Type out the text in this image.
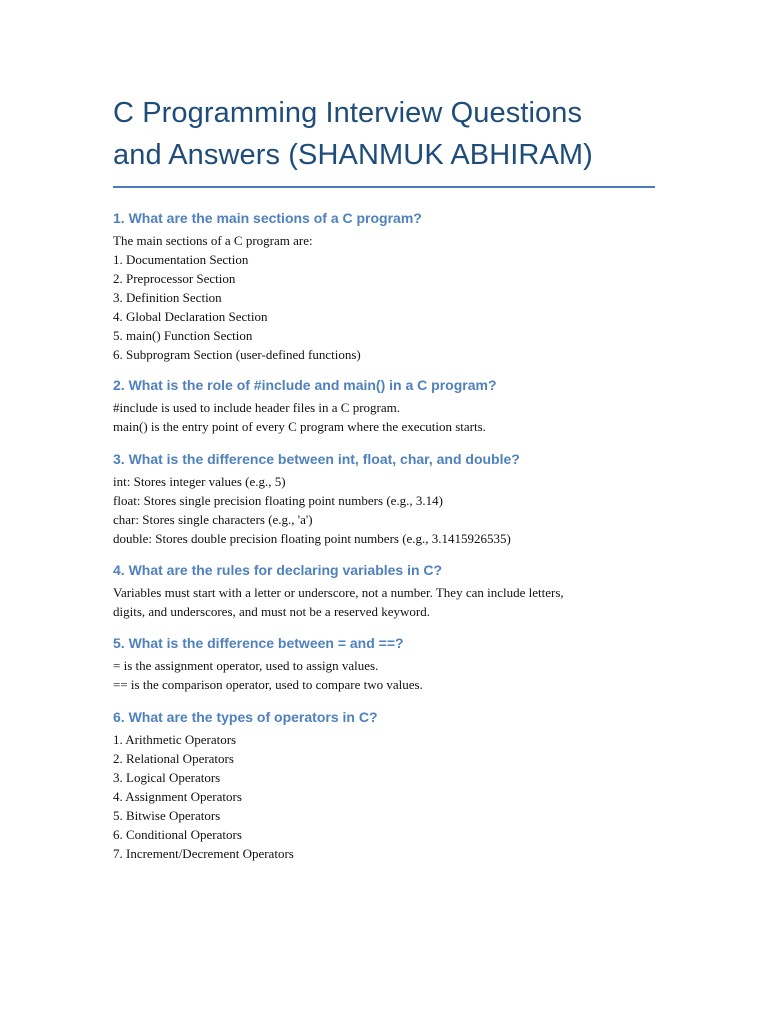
C Programming Interview Questions
and Answers (SHANMUK ABHIRAM)
1. What are the main sections of a C program?
The main sections of a C program are:
1. Documentation Section
2. Preprocessor Section
3. Definition Section
4. Global Declaration Section
5. main() Function Section
6. Subprogram Section (user-defined functions)
2. What is the role of #include and main() in a C program?
#include is used to include header files in a C program.
main() is the entry point of every C program where the execution starts.
3. What is the difference between int, float, char, and double?
int: Stores integer values (e.g., 5)
float: Stores single precision floating point numbers (e.g., 3.14)
char: Stores single characters (e.g., 'a')
double: Stores double precision floating point numbers (e.g., 3.1415926535)
4. What are the rules for declaring variables in C?
Variables must start with a letter or underscore, not a number. They can include letters,
digits, and underscores, and must not be a reserved keyword.
5. What is the difference between = and ==?
= is the assignment operator, used to assign values.
== is the comparison operator, used to compare two values.
6. What are the types of operators in C?
1. Arithmetic Operators
2. Relational Operators
3. Logical Operators
4. Assignment Operators
5. Bitwise Operators
6. Conditional Operators
7. Increment/Decrement Operators
